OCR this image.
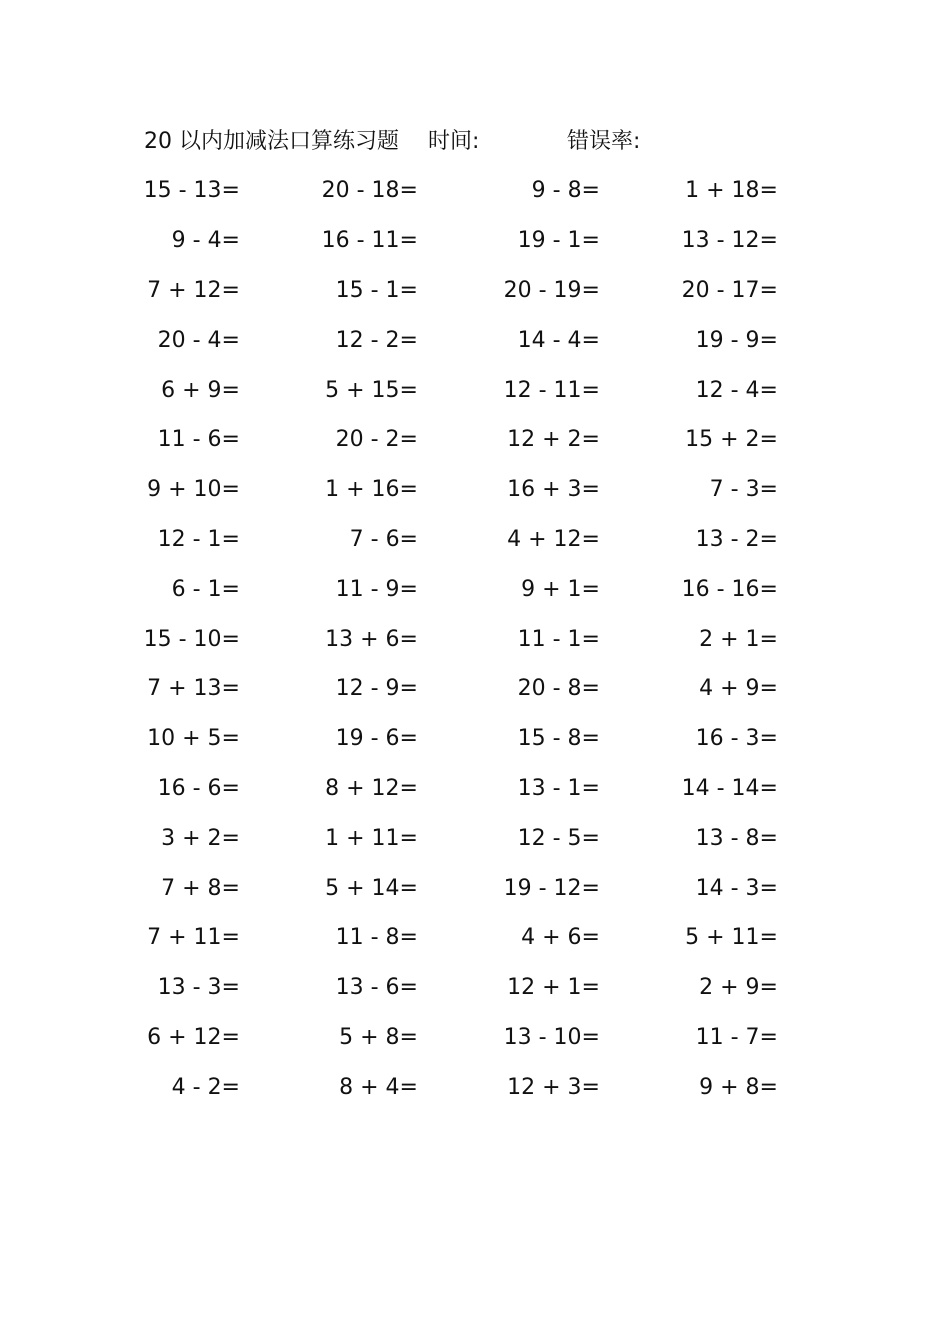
20 以内加减法口算练习题 时间:	错误率:
15 - 13=	20 - 18=	9 - 8=	1 + 18=
9 - 4=	16 - 11=	19 - 1=	13 - 12=
7 + 12=	15 - 1=	20 - 19=	20 - 17=
20 - 4=	12 - 2=	14 - 4=	19 - 9=
6 + 9=	5 + 15=	12 - 11=	12 - 4=
11 - 6=	20 - 2=	12 + 2=	15 + 2=
9 + 10=	1 + 16=	16 + 3=	7 - 3=
12 - 1=	7 - 6=	4 + 12=	13 - 2=
6 - 1=	11 - 9=	9 + 1=	16 - 16=
15 - 10=	13 + 6=	11 - 1=	2 + 1=
7 + 13=	12 - 9=	20 - 8=	4 + 9=
10 + 5=	19 - 6=	15 - 8=	16 - 3=
16 - 6=	8 + 12=	13 - 1=	14 - 14=
3 + 2=	1 + 11=	12 - 5=	13 - 8=
7 + 8=	5 + 14=	19 - 12=	14 - 3=
7 + 11=	11 - 8=	4 + 6=	5 + 11=
13 - 3=	13 - 6=	12 + 1=	2 + 9=
6 + 12=	5 + 8=	13 - 10=	11 - 7=
4 - 2=	8 + 4=	12 + 3=	9 + 8=
